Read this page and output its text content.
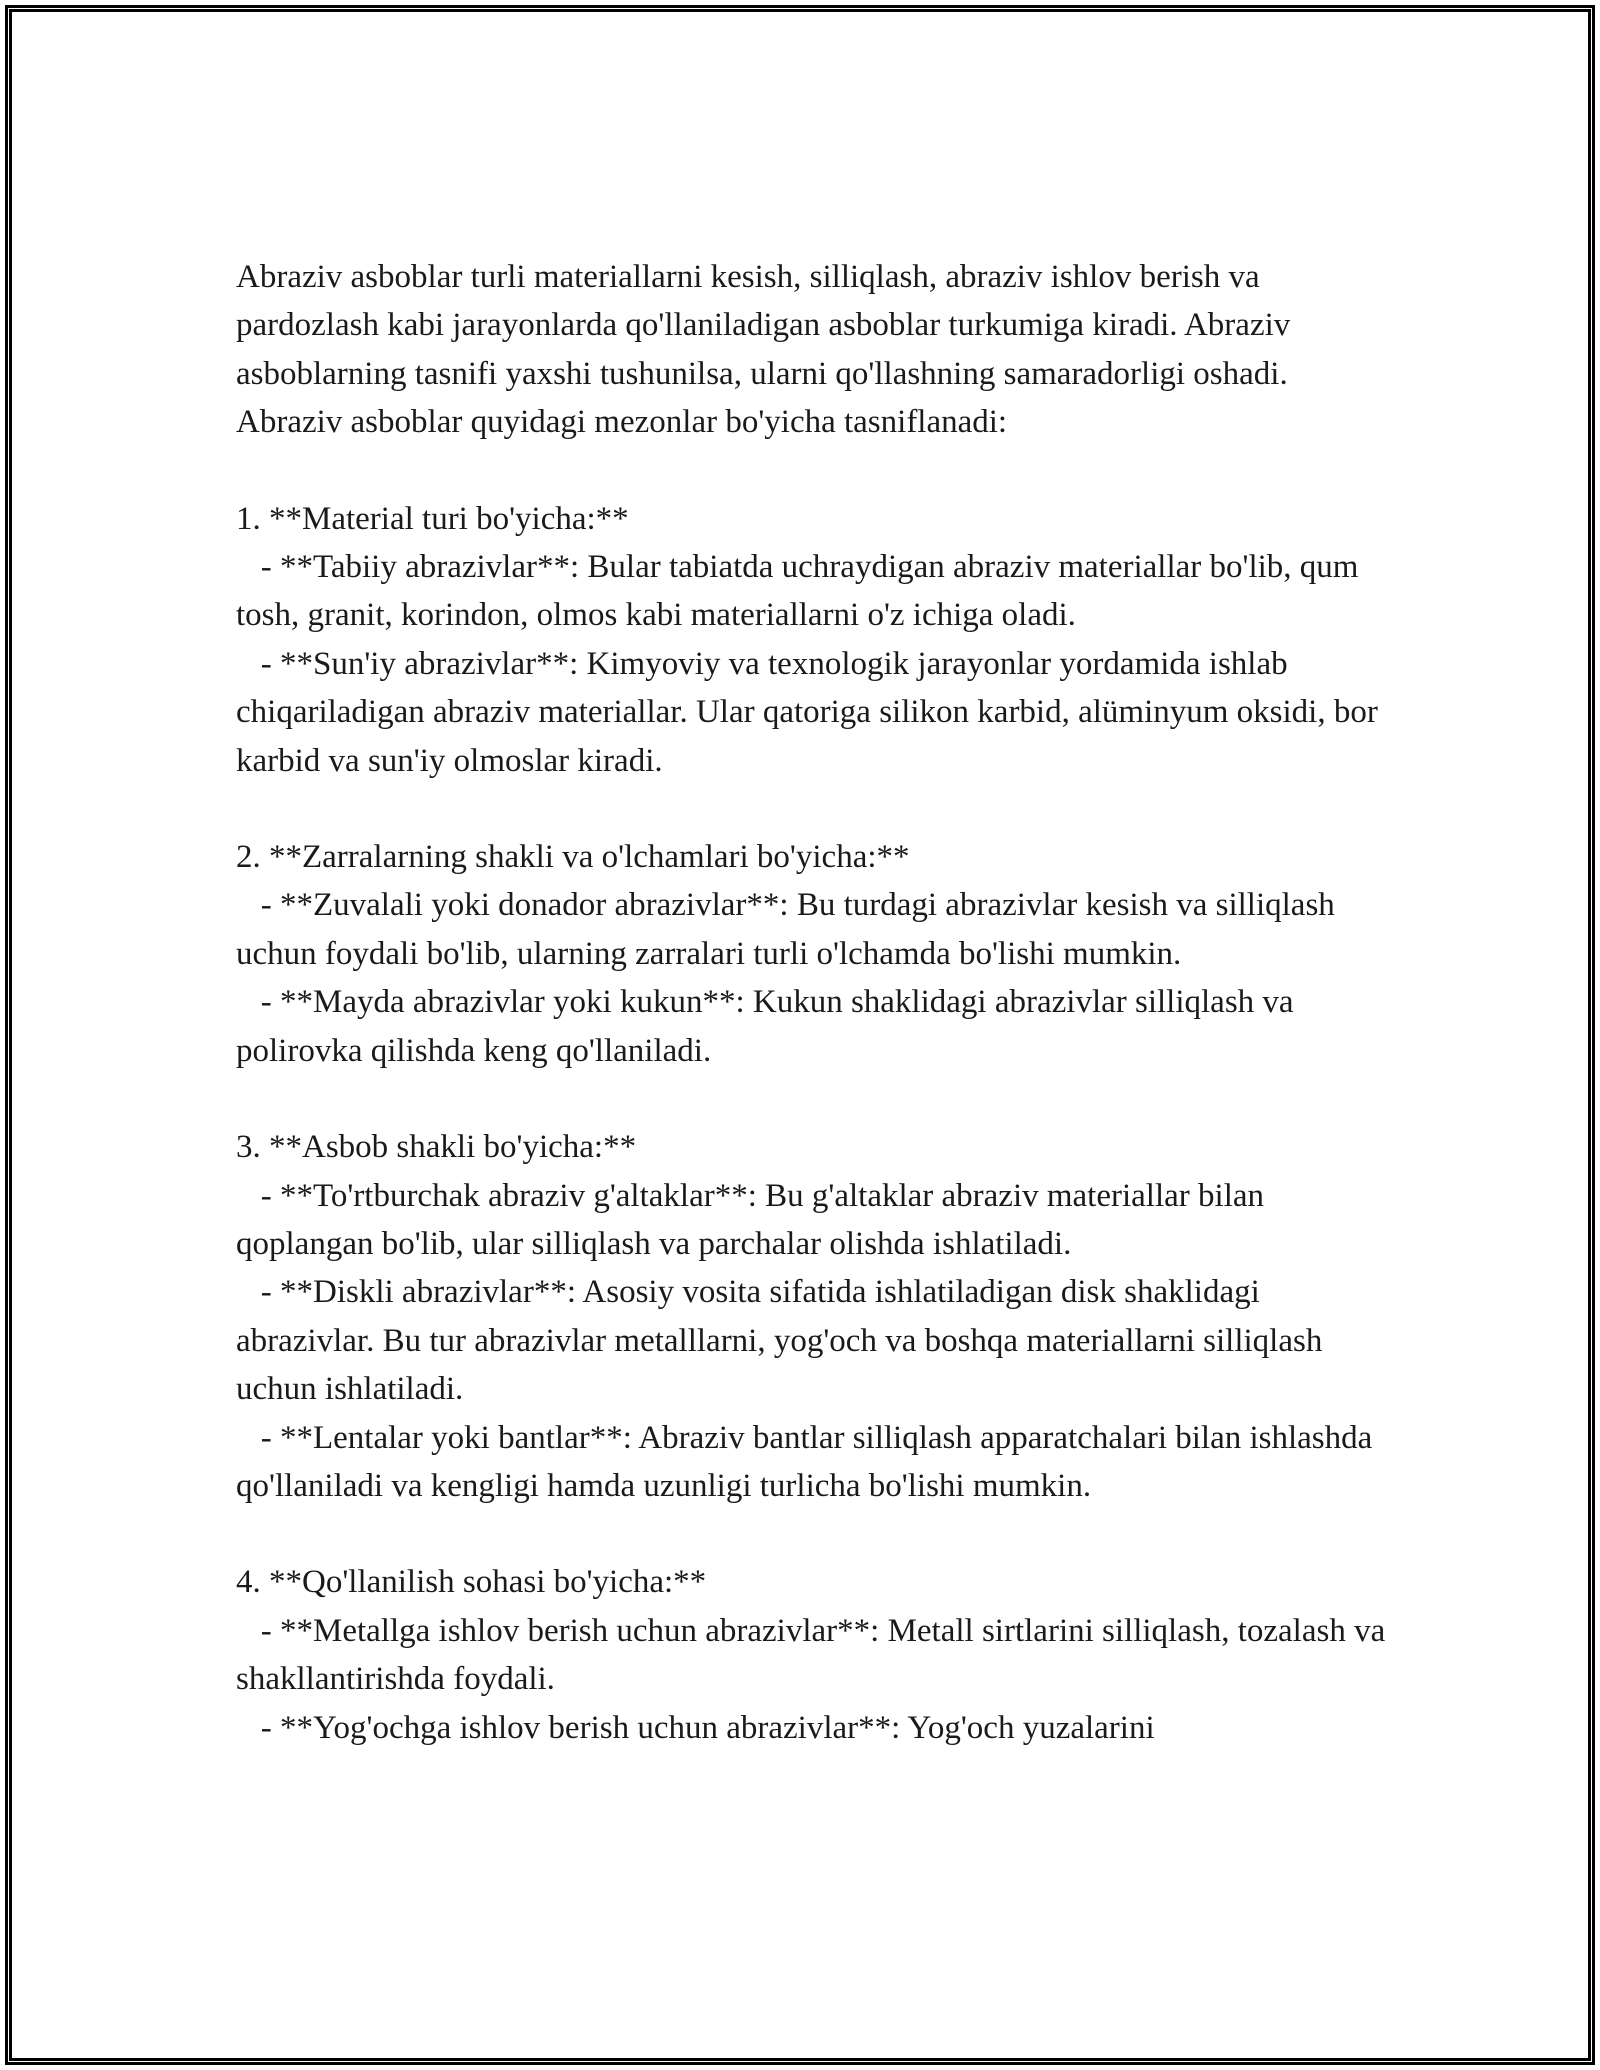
Abraziv asboblar turli materiallarni kesish, silliqlash, abraziv ishlov berish va pardozlash kabi jarayonlarda qo'llaniladigan asboblar turkumiga kiradi. Abraziv asboblarning tasnifi yaxshi tushunilsa, ularni qo'llashning samaradorligi oshadi. Abraziv asboblar quyidagi mezonlar bo'yicha tasniflanadi:

1. **Material turi bo'yicha:**

- **Tabiiy abrazivlar**: Bular tabiatda uchraydigan abraziv materiallar bo'lib, qum tosh, granit, korindon, olmos kabi materiallarni o'z ichiga oladi.

- **Sun'iy abrazivlar**: Kimyoviy va texnologik jarayonlar yordamida ishlab chiqariladigan abraziv materiallar. Ular qatoriga silikon karbid, alüminyum oksidi, bor karbid va sun'iy olmoslar kiradi.

2. **Zarralarning shakli va o'lchamlari bo'yicha:**

- **Zuvalali yoki donador abrazivlar**: Bu turdagi abrazivlar kesish va silliqlash uchun foydali bo'lib, ularning zarralari turli o'lchamda bo'lishi mumkin.

- **Mayda abrazivlar yoki kukun**: Kukun shaklidagi abrazivlar silliqlash va polirovka qilishda keng qo'llaniladi.

3. **Asbob shakli bo'yicha:**

- **To'rtburchak abraziv g'altaklar**: Bu g'altaklar abraziv materiallar bilan qoplangan bo'lib, ular silliqlash va parchalar olishda ishlatiladi.

- **Diskli abrazivlar**: Asosiy vosita sifatida ishlatiladigan disk shaklidagi abrazivlar. Bu tur abrazivlar metalllarni, yog'och va boshqa materiallarni silliqlash uchun ishlatiladi.

- **Lentalar yoki bantlar**: Abraziv bantlar silliqlash apparatchalari bilan ishlashda qo'llaniladi va kengligi hamda uzunligi turlicha bo'lishi mumkin.

4. **Qo'llanilish sohasi bo'yicha:**

- **Metallga ishlov berish uchun abrazivlar**: Metall sirtlarini silliqlash, tozalash va shakllantirishda foydali.

- **Yog'ochga ishlov berish uchun abrazivlar**: Yog'och yuzalarini
